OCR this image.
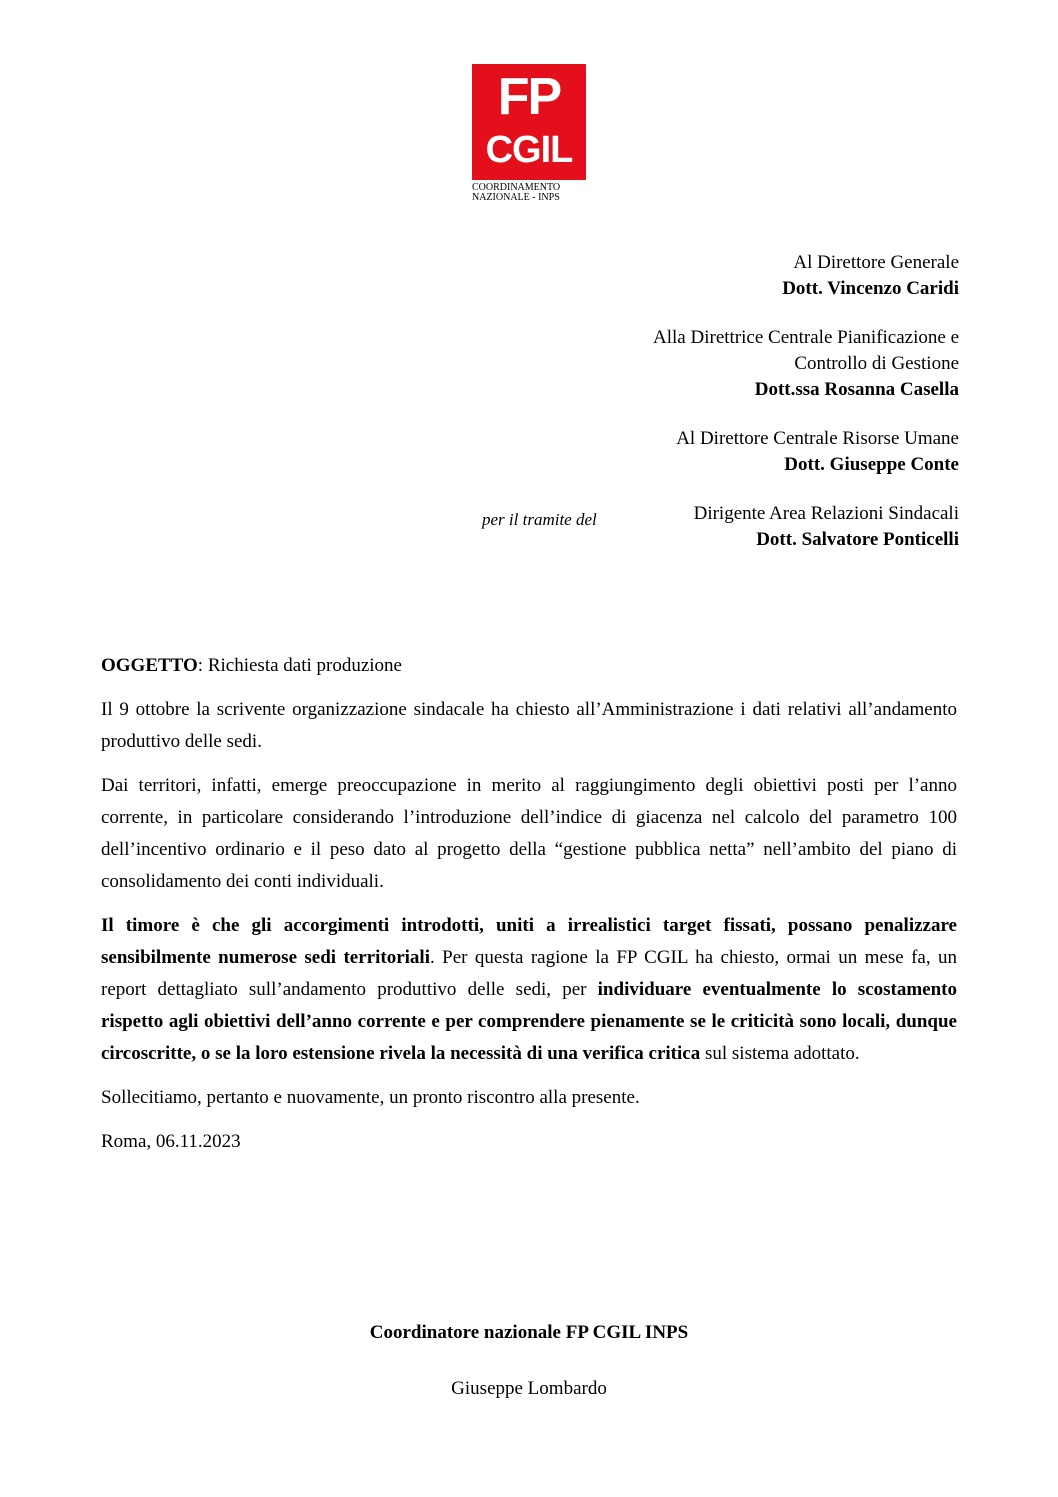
FP
CGIL
COORDINAMENTO
NAZIONALE - INPS
Al Direttore Generale
Dott. Vincenzo Caridi
Alla Direttrice Centrale Pianificazione e
Controllo di Gestione
Dott.ssa Rosanna Casella
Al Direttore Centrale Risorse Umane
Dott. Giuseppe Conte
Dirigente Area Relazioni Sindacali
Dott. Salvatore Ponticelli
per il tramite del

OGGETTO: Richiesta dati produzione

Il 9 ottobre la scrivente organizzazione sindacale ha chiesto all’Amministrazione i dati relativi all’andamento produttivo delle sedi.

Dai territori, infatti, emerge preoccupazione in merito al raggiungimento degli obiettivi posti per l’anno corrente, in particolare considerando l’introduzione dell’indice di giacenza nel calcolo del parametro 100 dell’incentivo ordinario e il peso dato al progetto della “gestione pubblica netta” nell’ambito del piano di consolidamento dei conti individuali.

Il timore è che gli accorgimenti introdotti, uniti a irrealistici target fissati, possano penalizzare sensibilmente numerose sedi territoriali. Per questa ragione la FP CGIL ha chiesto, ormai un mese fa, un report dettagliato sull’andamento produttivo delle sedi, per individuare eventualmente lo scostamento rispetto agli obiettivi dell’anno corrente e per comprendere pienamente se le criticità sono locali, dunque circoscritte, o se la loro estensione rivela la necessità di una verifica critica sul sistema adottato.

Sollecitiamo, pertanto e nuovamente, un pronto riscontro alla presente.

Roma, 06.11.2023

Coordinatore nazionale FP CGIL INPS
Giuseppe Lombardo
